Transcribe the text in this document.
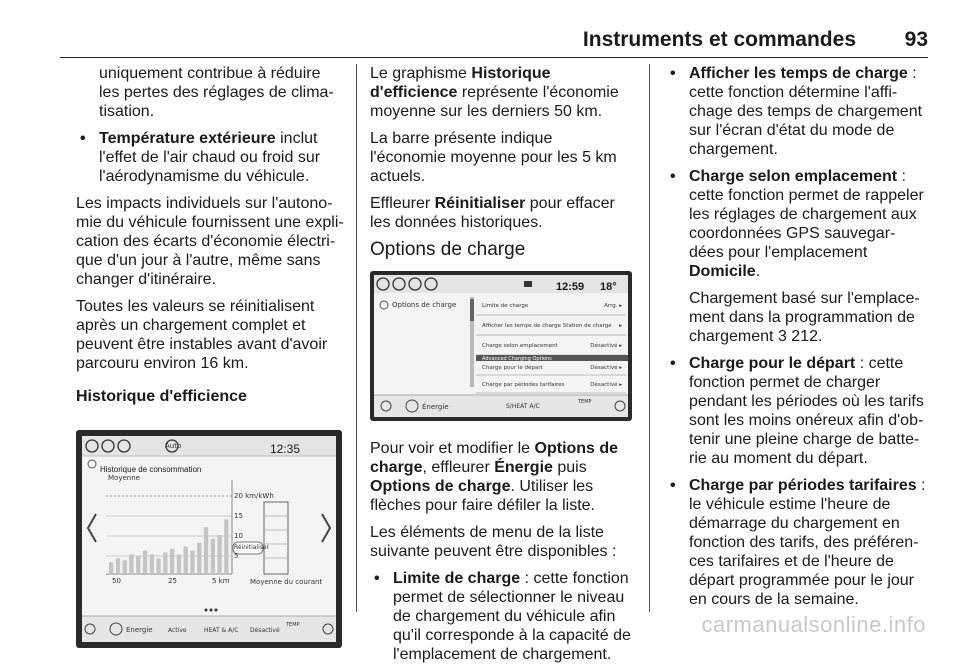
Instruments et commandes 93

uniquement contribue à réduire les pertes des réglages de clima-tisation.

• Température extérieure inclut l'effet de l'air chaud ou froid sur l'aérodynamisme du véhicule.

Les impacts individuels sur l'autono-mie du véhicule fournissent une expli-cation des écarts d'économie électri-que d'un jour à l'autre, même sans changer d'itinéraire.

Toutes les valeurs se réinitialisent après un chargement complet et peuvent être instables avant d'avoir parcouru environ 16 km.

Historique d'efficience
Auto	12:35
Historique de consommation
Moyenne
20 km/kWh
15
10
5
50	25	5 km
Réinitialiser
Moyenne du courant
Energie	Active	HEAT & A/C Désactivé
TEMP

Le graphisme Historique d'efficience représente l'économie moyenne sur les derniers 50 km.

La barre présente indique l'économie moyenne pour les 5 km actuels.

Effleurer Réinitialiser pour effacer les données historiques.

Options de charge
12:59 18°
Options de charge	Limite de charge	Arrg. ▸
Afficher les temps de charge Station de charge ▸
Charge selon emplacement	Désactivé ▸
Advanced Charging Options
Charge pour le départ	Désactivé ▸
Charge par périodes tarifaires	Désactivé ▸
Énergie	S/HEAT A/C
TEMP

Pour voir et modifier le Options de charge, effleurer Énergie puis Options de charge. Utiliser les flèches pour faire défiler la liste.

Les éléments de menu de la liste suivante peuvent être disponibles :

• Limite de charge : cette fonction permet de sélectionner le niveau de chargement du véhicule afin qu'il corresponde à la capacité de l'emplacement de chargement.
• Afficher les temps de charge : cette fonction détermine l'affi-chage des temps de chargement sur l'écran d'état du mode de chargement.
• Charge selon emplacement : cette fonction permet de rappeler les réglages de chargement aux coordonnées GPS sauvegar-dées pour l'emplacement Domicile.

Chargement basé sur l'emplace-ment dans la programmation de chargement 3 212.

• Charge pour le départ : cette fonction permet de charger pendant les périodes où les tarifs sont les moins onéreux afin d'ob-tenir une pleine charge de batte-rie au moment du départ.
• Charge par périodes tarifaires : le véhicule estime l'heure de démarrage du chargement en fonction des tarifs, des préféren-ces tarifaires et de l'heure de départ programmée pour le jour en cours de la semaine.
carmanualsonline.info
